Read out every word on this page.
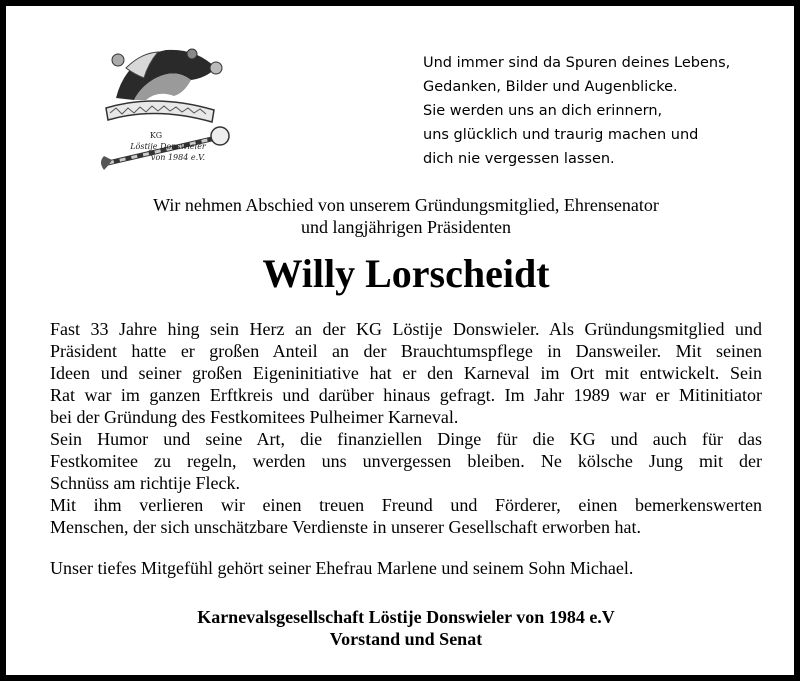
KG
Löstije Donswieler
von 1984 e.V.
Und immer sind da Spuren deines Lebens,
Gedanken, Bilder und Augenblicke.
Sie werden uns an dich erinnern,
uns glücklich und traurig machen und
dich nie vergessen lassen.
Wir nehmen Abschied von unserem Gründungsmitglied, Ehrensenator
und langjährigen Präsidenten
Willy Lorscheidt
Fast 33 Jahre hing sein Herz an der KG Löstije Donswieler. Als Gründungsmitglied und
Präsident hatte er großen Anteil an der Brauchtumspflege in Dansweiler. Mit seinen
Ideen und seiner großen Eigeninitiative hat er den Karneval im Ort mit entwickelt. Sein
Rat war im ganzen Erftkreis und darüber hinaus gefragt. Im Jahr 1989 war er Mitinitiator
bei der Gründung des Festkomitees Pulheimer Karneval.
Sein Humor und seine Art, die finanziellen Dinge für die KG und auch für das
Festkomitee zu regeln, werden uns unvergessen bleiben. Ne kölsche Jung mit der
Schnüss am richtije Fleck.
Mit ihm verlieren wir einen treuen Freund und Förderer, einen bemerkenswerten
Menschen, der sich unschätzbare Verdienste in unserer Gesellschaft erworben hat.
Unser tiefes Mitgefühl gehört seiner Ehefrau Marlene und seinem Sohn Michael.
Karnevalsgesellschaft Löstije Donswieler von 1984 e.V
Vorstand und Senat
